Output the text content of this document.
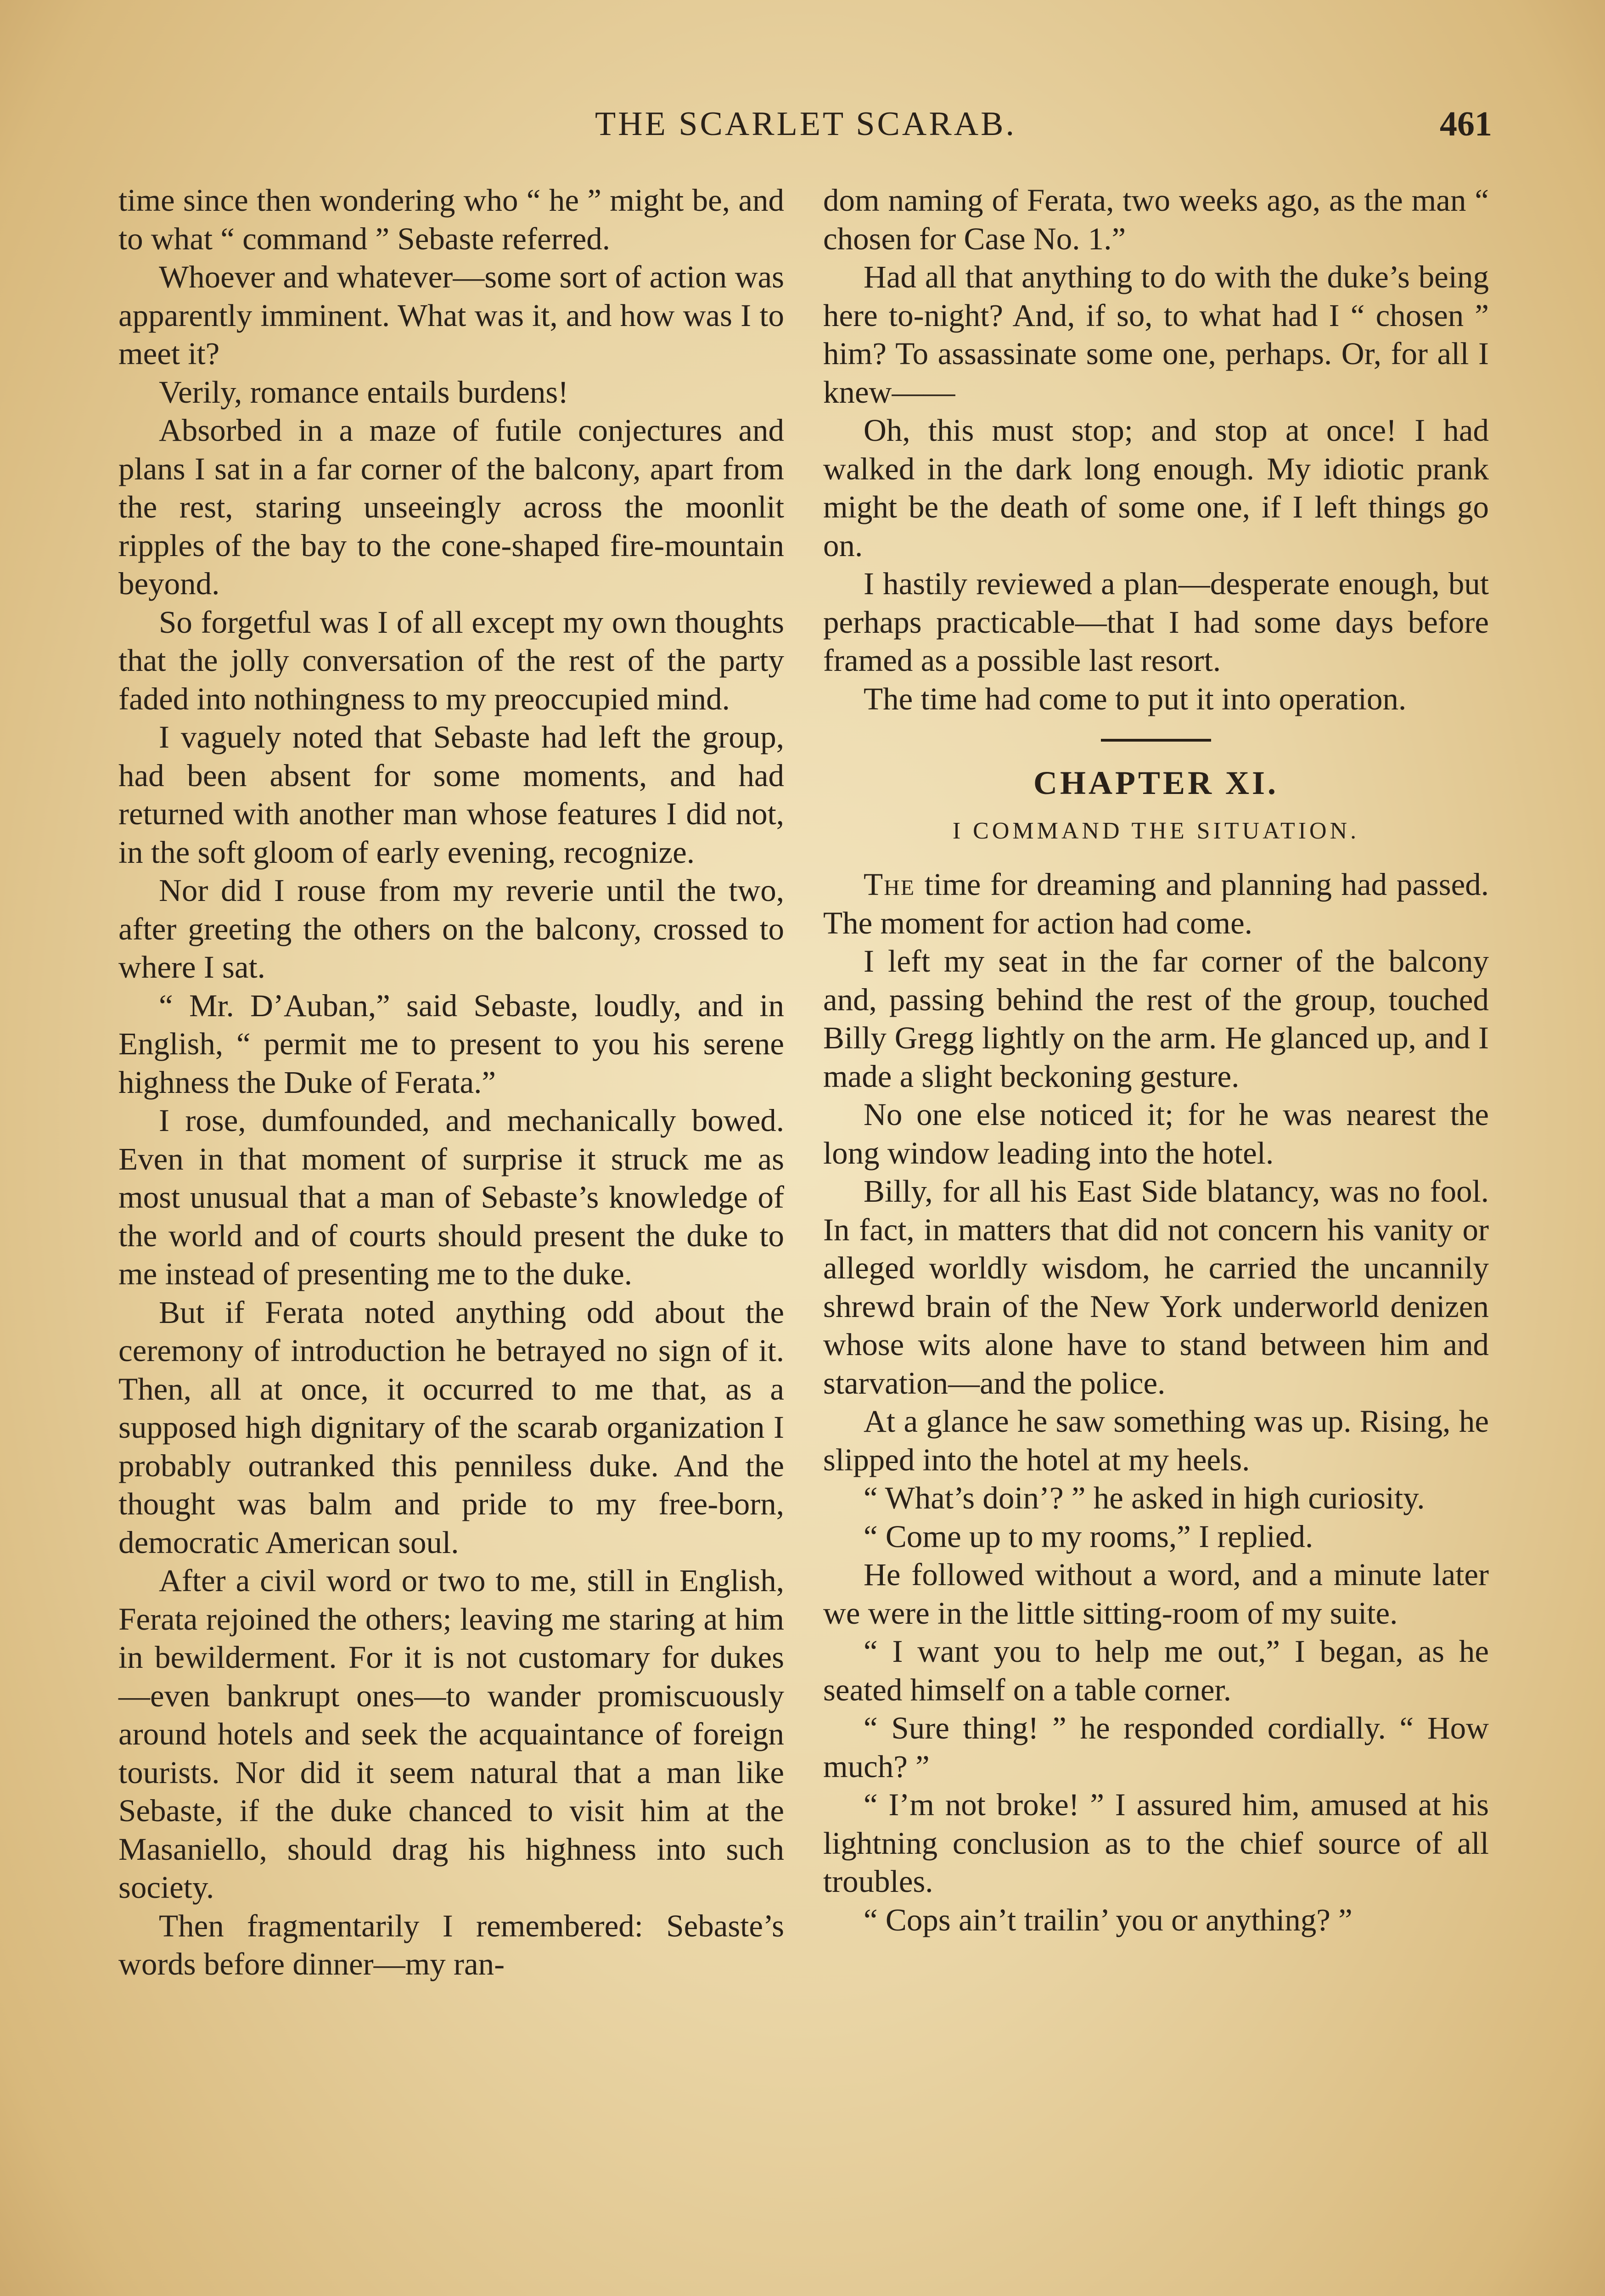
THE SCARLET SCARAB.	461

time since then wondering who “ he ” might be, and to what “ command ” Sebaste referred.

Whoever and whatever—some sort of action was apparently imminent. What was it, and how was I to meet it?

Verily, romance entails burdens!

Absorbed in a maze of futile conjectures and plans I sat in a far corner of the balcony, apart from the rest, staring unseeingly across the moonlit ripples of the bay to the cone-shaped fire-mountain beyond.

So forgetful was I of all except my own thoughts that the jolly conversation of the rest of the party faded into nothingness to my preoccupied mind.

I vaguely noted that Sebaste had left the group, had been absent for some moments, and had returned with another man whose features I did not, in the soft gloom of early evening, recognize.

Nor did I rouse from my reverie until the two, after greeting the others on the balcony, crossed to where I sat.

“ Mr. D’Auban,” said Sebaste, loudly, and in English, “ permit me to present to you his serene highness the Duke of Ferata.”

I rose, dumfounded, and mechanically bowed. Even in that moment of surprise it struck me as most unusual that a man of Sebaste’s knowledge of the world and of courts should present the duke to me instead of presenting me to the duke.

But if Ferata noted anything odd about the ceremony of introduction he betrayed no sign of it. Then, all at once, it occurred to me that, as a supposed high dignitary of the scarab organization I probably outranked this penniless duke. And the thought was balm and pride to my free-born, democratic American soul.

After a civil word or two to me, still in English, Ferata rejoined the others; leaving me staring at him in bewilderment. For it is not customary for dukes —even bankrupt ones—to wander promiscuously around hotels and seek the acquaintance of foreign tourists. Nor did it seem natural that a man like Sebaste, if the duke chanced to visit him at the Masaniello, should drag his highness into such society.

Then fragmentarily I remembered: Sebaste’s words before dinner—my ran-

dom naming of Ferata, two weeks ago, as the man “ chosen for Case No. 1.”

Had all that anything to do with the duke’s being here to-night? And, if so, to what had I “ chosen ” him? To assassinate some one, perhaps. Or, for all I knew——

Oh, this must stop; and stop at once! I had walked in the dark long enough. My idiotic prank might be the death of some one, if I left things go on.

I hastily reviewed a plan—desperate enough, but perhaps practicable—that I had some days before framed as a possible last resort.

The time had come to put it into operation.

CHAPTER XI.
I COMMAND THE SITUATION.

The time for dreaming and planning had passed. The moment for action had come.

I left my seat in the far corner of the balcony and, passing behind the rest of the group, touched Billy Gregg lightly on the arm. He glanced up, and I made a slight beckoning gesture.

No one else noticed it; for he was nearest the long window leading into the hotel.

Billy, for all his East Side blatancy, was no fool. In fact, in matters that did not concern his vanity or alleged worldly wisdom, he carried the uncannily shrewd brain of the New York underworld denizen whose wits alone have to stand between him and starvation—and the police.

At a glance he saw something was up. Rising, he slipped into the hotel at my heels.

“ What’s doin’? ” he asked in high curiosity.

“ Come up to my rooms,” I replied.

He followed without a word, and a minute later we were in the little sitting-room of my suite.

“ I want you to help me out,” I began, as he seated himself on a table corner.

“ Sure thing! ” he responded cordially. “ How much? ”

“ I’m not broke! ” I assured him, amused at his lightning conclusion as to the chief source of all troubles.

“ Cops ain’t trailin’ you or anything? ”
